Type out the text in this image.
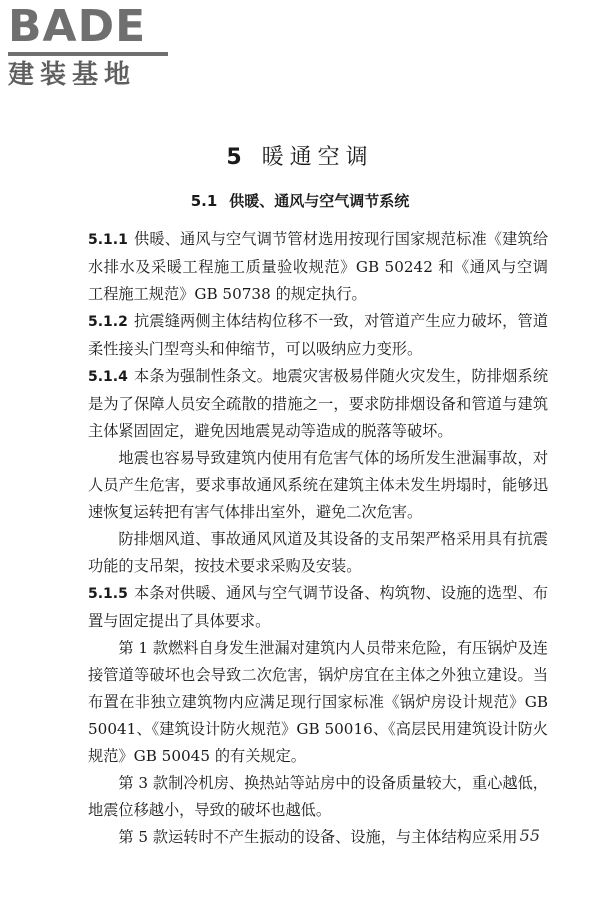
BADE
建装基地
5 暖通空调
5.1 供暖、通风与空气调节系统

5.1.1 供暖、通风与空气调节管材选用按现行国家规范标准《建筑给水排水及采暖工程施工质量验收规范》GB 50242 和《通风与空调工程施工规范》GB 50738 的规定执行。

5.1.2 抗震缝两侧主体结构位移不一致，对管道产生应力破坏，管道柔性接头门型弯头和伸缩节，可以吸纳应力变形。

5.1.4 本条为强制性条文。地震灾害极易伴随火灾发生，防排烟系统是为了保障人员安全疏散的措施之一，要求防排烟设备和管道与建筑主体紧固固定，避免因地震晃动等造成的脱落等破坏。

地震也容易导致建筑内使用有危害气体的场所发生泄漏事故，对人员产生危害，要求事故通风系统在建筑主体未发生坍塌时，能够迅速恢复运转把有害气体排出室外，避免二次危害。

防排烟风道、事故通风风道及其设备的支吊架严格采用具有抗震功能的支吊架，按技术要求采购及安装。

5.1.5 本条对供暖、通风与空气调节设备、构筑物、设施的选型、布置与固定提出了具体要求。

第 1 款燃料自身发生泄漏对建筑内人员带来危险，有压锅炉及连接管道等破坏也会导致二次危害，锅炉房宜在主体之外独立建设。当布置在非独立建筑物内应满足现行国家标准《锅炉房设计规范》GB 50041、《建筑设计防火规范》GB 50016、《高层民用建筑设计防火规范》GB 50045 的有关规定。

第 3 款制冷机房、换热站等站房中的设备质量较大，重心越低，地震位移越小，导致的破坏也越低。

第 5 款运转时不产生振动的设备、设施，与主体结构应采用 55
